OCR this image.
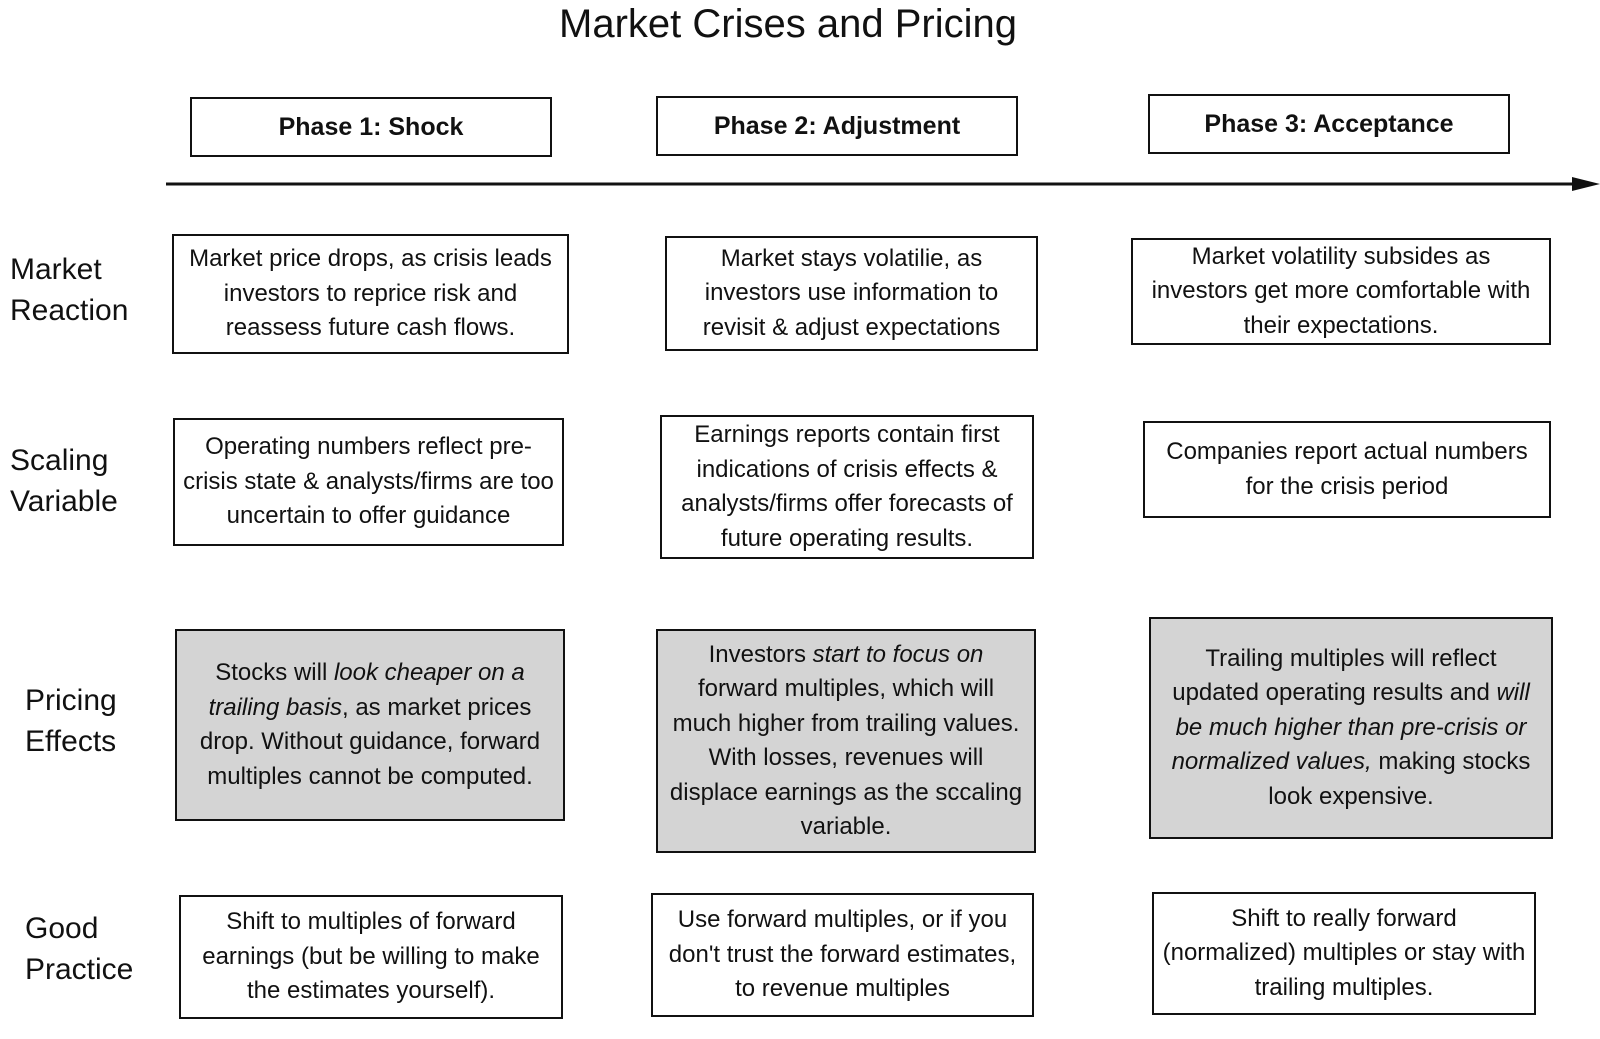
Market Crises and Pricing
Phase 1: Shock	Phase 2: Adjustment	Phase 3: Acceptance
Market
Reaction
Scaling
Variable
Pricing
Effects
Good
Practice

Market price drops, as crisis leads investors to reprice risk and reassess future cash flows.

Market stays volatilie, as investors use information to revisit & adjust expectations

Market volatility subsides as investors get more comfortable with their expectations.

Operating numbers reflect pre-crisis state & analysts/firms are too uncertain to offer guidance

Earnings reports contain first indications of crisis effects & analysts/firms offer forecasts of future operating results.

Companies report actual numbers for the crisis period

Stocks will look cheaper on a trailing basis, as market prices drop. Without guidance, forward multiples cannot be computed.

Investors start to focus on forward multiples, which will much higher from trailing values. With losses, revenues will displace earnings as the sccaling variable.

Trailing multiples will reflect updated operating results and will be much higher than pre-crisis or normalized values, making stocks look expensive.

Shift to multiples of forward earnings (but be willing to make the estimates yourself).

Use forward multiples, or if you don't trust the forward estimates, to revenue multiples

Shift to really forward (normalized) multiples or stay with trailing multiples.
